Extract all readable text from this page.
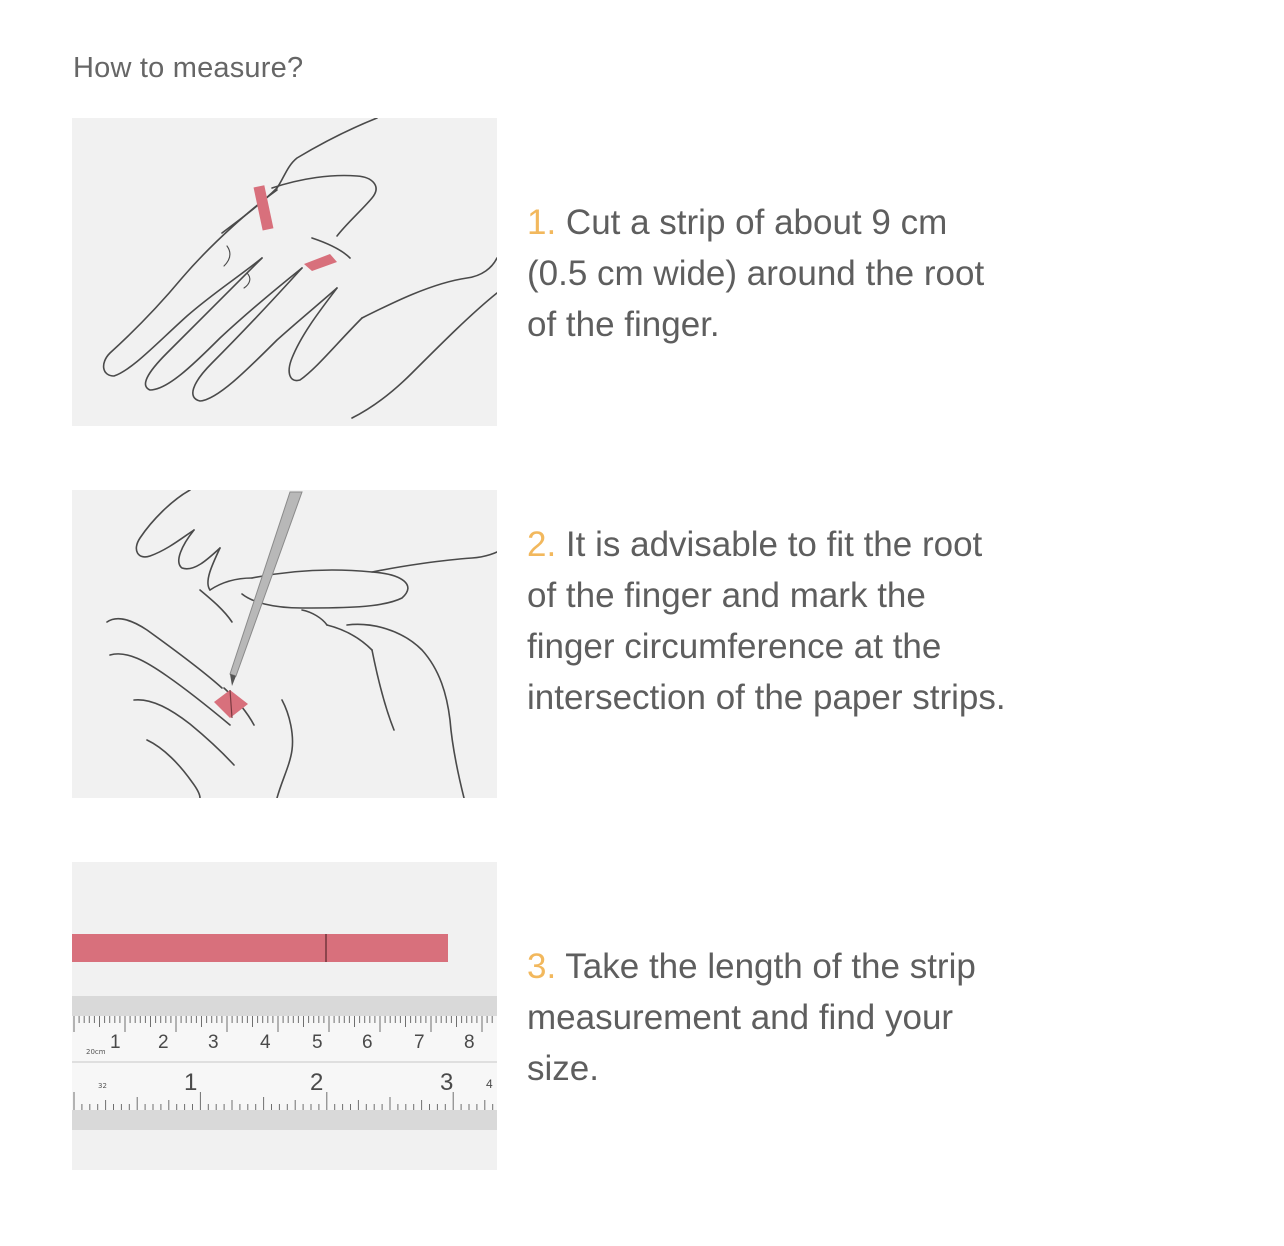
How to measure?

1. Cut a strip of about 9 cm (0.5 cm wide) around the root of the finger.

2. It is advisable to fit the root of the finger and mark the finger circumference at the intersection of the paper strips.

20cm 1 2 3 4 5 6 7 8
32	1	2	3	4

3. Take the length of the strip measurement and find your size.
